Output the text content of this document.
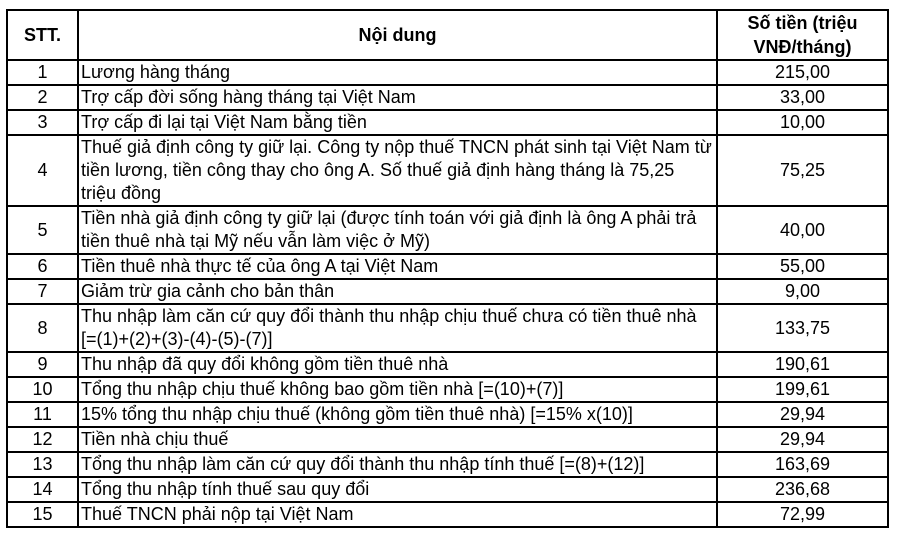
STT.	Nội dung	Số tiền (triệu VNĐ/tháng)
1	Lương hàng tháng	215,00
2	Trợ cấp đời sống hàng tháng tại Việt Nam	33,00
3	Trợ cấp đi lại tại Việt Nam bằng tiền	10,00
4	Thuế giả định công ty giữ lại. Công ty nộp thuế TNCN phát sinh tại Việt Nam từ tiền lương, tiền công thay cho ông A. Số thuế giả định hàng tháng là 75,25 triệu đồng	75,25
5	Tiền nhà giả định công ty giữ lại (được tính toán với giả định là ông A phải trả tiền thuê nhà tại Mỹ nếu vẫn làm việc ở Mỹ)	40,00
6	Tiền thuê nhà thực tế của ông A tại Việt Nam	55,00
7	Giảm trừ gia cảnh cho bản thân	9,00
8	Thu nhập làm căn cứ quy đổi thành thu nhập chịu thuế chưa có tiền thuê nhà [=(1)+(2)+(3)-(4)-(5)-(7)]	133,75
9	Thu nhập đã quy đổi không gồm tiền thuê nhà	190,61
10	Tổng thu nhập chịu thuế không bao gồm tiền nhà [=(10)+(7)]	199,61
11	15% tổng thu nhập chịu thuế (không gồm tiền thuê nhà) [=15% x(10)]	29,94
12	Tiền nhà chịu thuế	29,94
13	Tổng thu nhập làm căn cứ quy đổi thành thu nhập tính thuế [=(8)+(12)]	163,69
14	Tổng thu nhập tính thuế sau quy đổi	236,68
15	Thuế TNCN phải nộp tại Việt Nam	72,99
